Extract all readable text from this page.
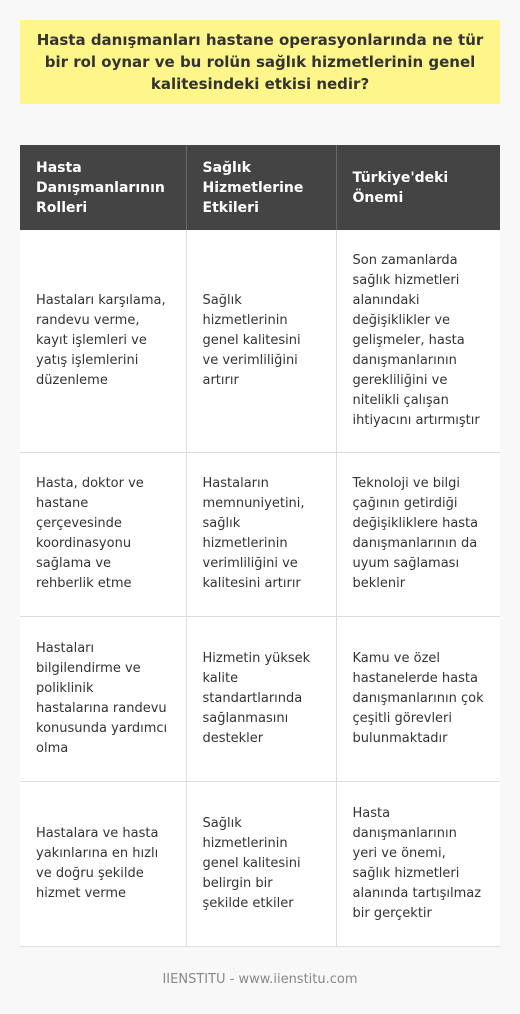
Hasta danışmanları hastane operasyonlarında ne tür bir rol oynar ve bu rolün sağlık hizmetlerinin genel kalitesindeki etkisi nedir?
Hasta Danışmanlarının Rolleri	Sağlık Hizmetlerine Etkileri	Türkiye'deki Önemi
Hastaları karşılama, randevu verme, kayıt işlemleri ve yatış işlemlerini düzenleme	Sağlık hizmetlerinin genel kalitesini ve verimliliğini artırır	Son zamanlarda sağlık hizmetleri alanındaki değişiklikler ve gelişmeler, hasta danışmanlarının gerekliliğini ve nitelikli çalışan ihtiyacını artırmıştır
Hasta, doktor ve hastane çerçevesinde koordinasyonu sağlama ve rehberlik etme	Hastaların memnuniyetini, sağlık hizmetlerinin verimliliğini ve kalitesini artırır	Teknoloji ve bilgi çağının getirdiği değişikliklere hasta danışmanlarının da uyum sağlaması beklenir
Hastaları bilgilendirme ve poliklinik hastalarına randevu konusunda yardımcı olma	Hizmetin yüksek kalite standartlarında sağlanmasını destekler	Kamu ve özel hastanelerde hasta danışmanlarının çok çeşitli görevleri bulunmaktadır
Hastalara ve hasta yakınlarına en hızlı ve doğru şekilde hizmet verme	Sağlık hizmetlerinin genel kalitesini belirgin bir şekilde etkiler	Hasta danışmanlarının yeri ve önemi, sağlık hizmetleri alanında tartışılmaz bir gerçektir
IIENSTITU - www.iienstitu.com
